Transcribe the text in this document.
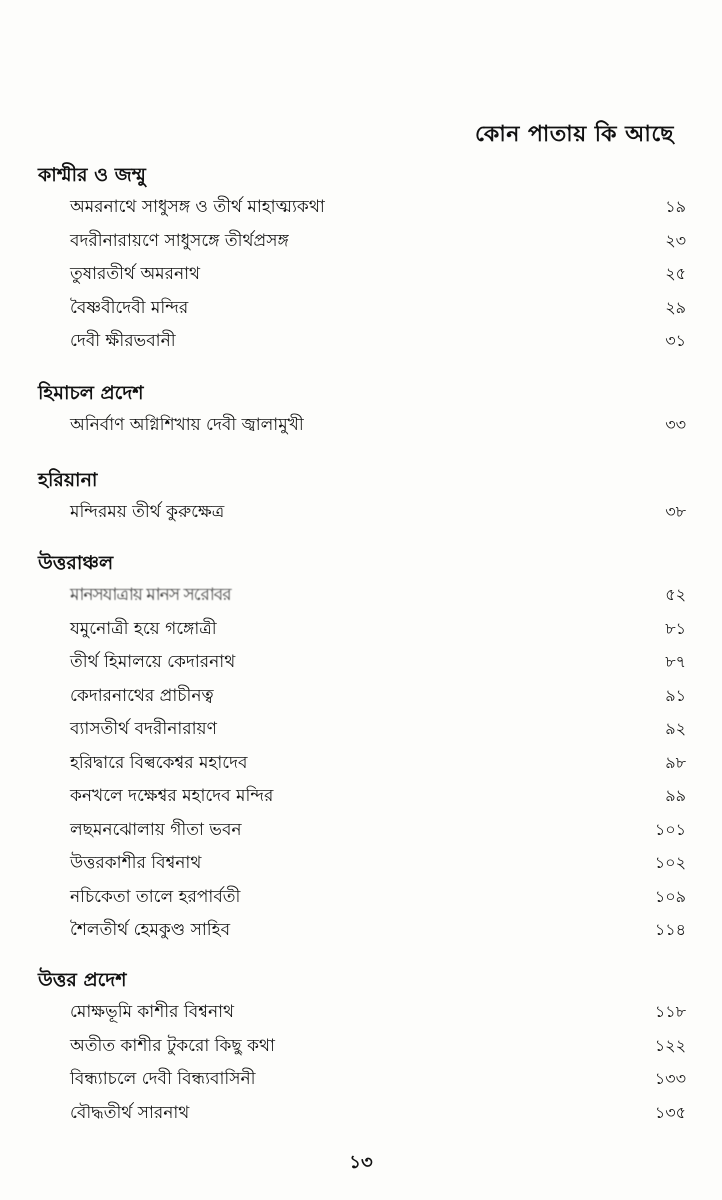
কোন পাতায় কি আছে
কাশ্মীর ও জম্মু
অমরনাথে সাধুসঙ্গ ও তীর্থ মাহাত্ম্যকথা	১৯
বদরীনারায়ণে সাধুসঙ্গে তীর্থপ্রসঙ্গ	২৩
তুষারতীর্থ অমরনাথ	২৫
বৈষ্ণবীদেবী মন্দির	২৯
দেবী ক্ষীরভবানী	৩১
হিমাচল প্রদেশ
অনির্বাণ অগ্নিশিখায় দেবী জ্বালামুখী	৩৩
হরিয়ানা
মন্দিরময় তীর্থ কুরুক্ষেত্র	৩৮
উত্তরাঞ্চল
মানসযাত্রায় মানস সরোবর	৫২
যমুনোত্রী হয়ে গঙ্গোত্রী	৮১
তীর্থ হিমালয়ে কেদারনাথ	৮৭
কেদারনাথের প্রাচীনত্ব	৯১
ব্যাসতীর্থ বদরীনারায়ণ	৯২
হরিদ্বারে বিল্বকেশ্বর মহাদেব	৯৮
কনখলে দক্ষেশ্বর মহাদেব মন্দির	৯৯
লছমনঝোলায় গীতা ভবন	১০১
উত্তরকাশীর বিশ্বনাথ	১০২
নচিকেতা তালে হরপার্বতী	১০৯
শৈলতীর্থ হেমকুণ্ড সাহিব	১১৪
উত্তর প্রদেশ
মোক্ষভূমি কাশীর বিশ্বনাথ	১১৮
অতীত কাশীর টুকরো কিছু কথা	১২২
বিন্ধ্যাচলে দেবী বিন্ধ্যবাসিনী	১৩৩
বৌদ্ধতীর্থ সারনাথ	১৩৫
১৩
